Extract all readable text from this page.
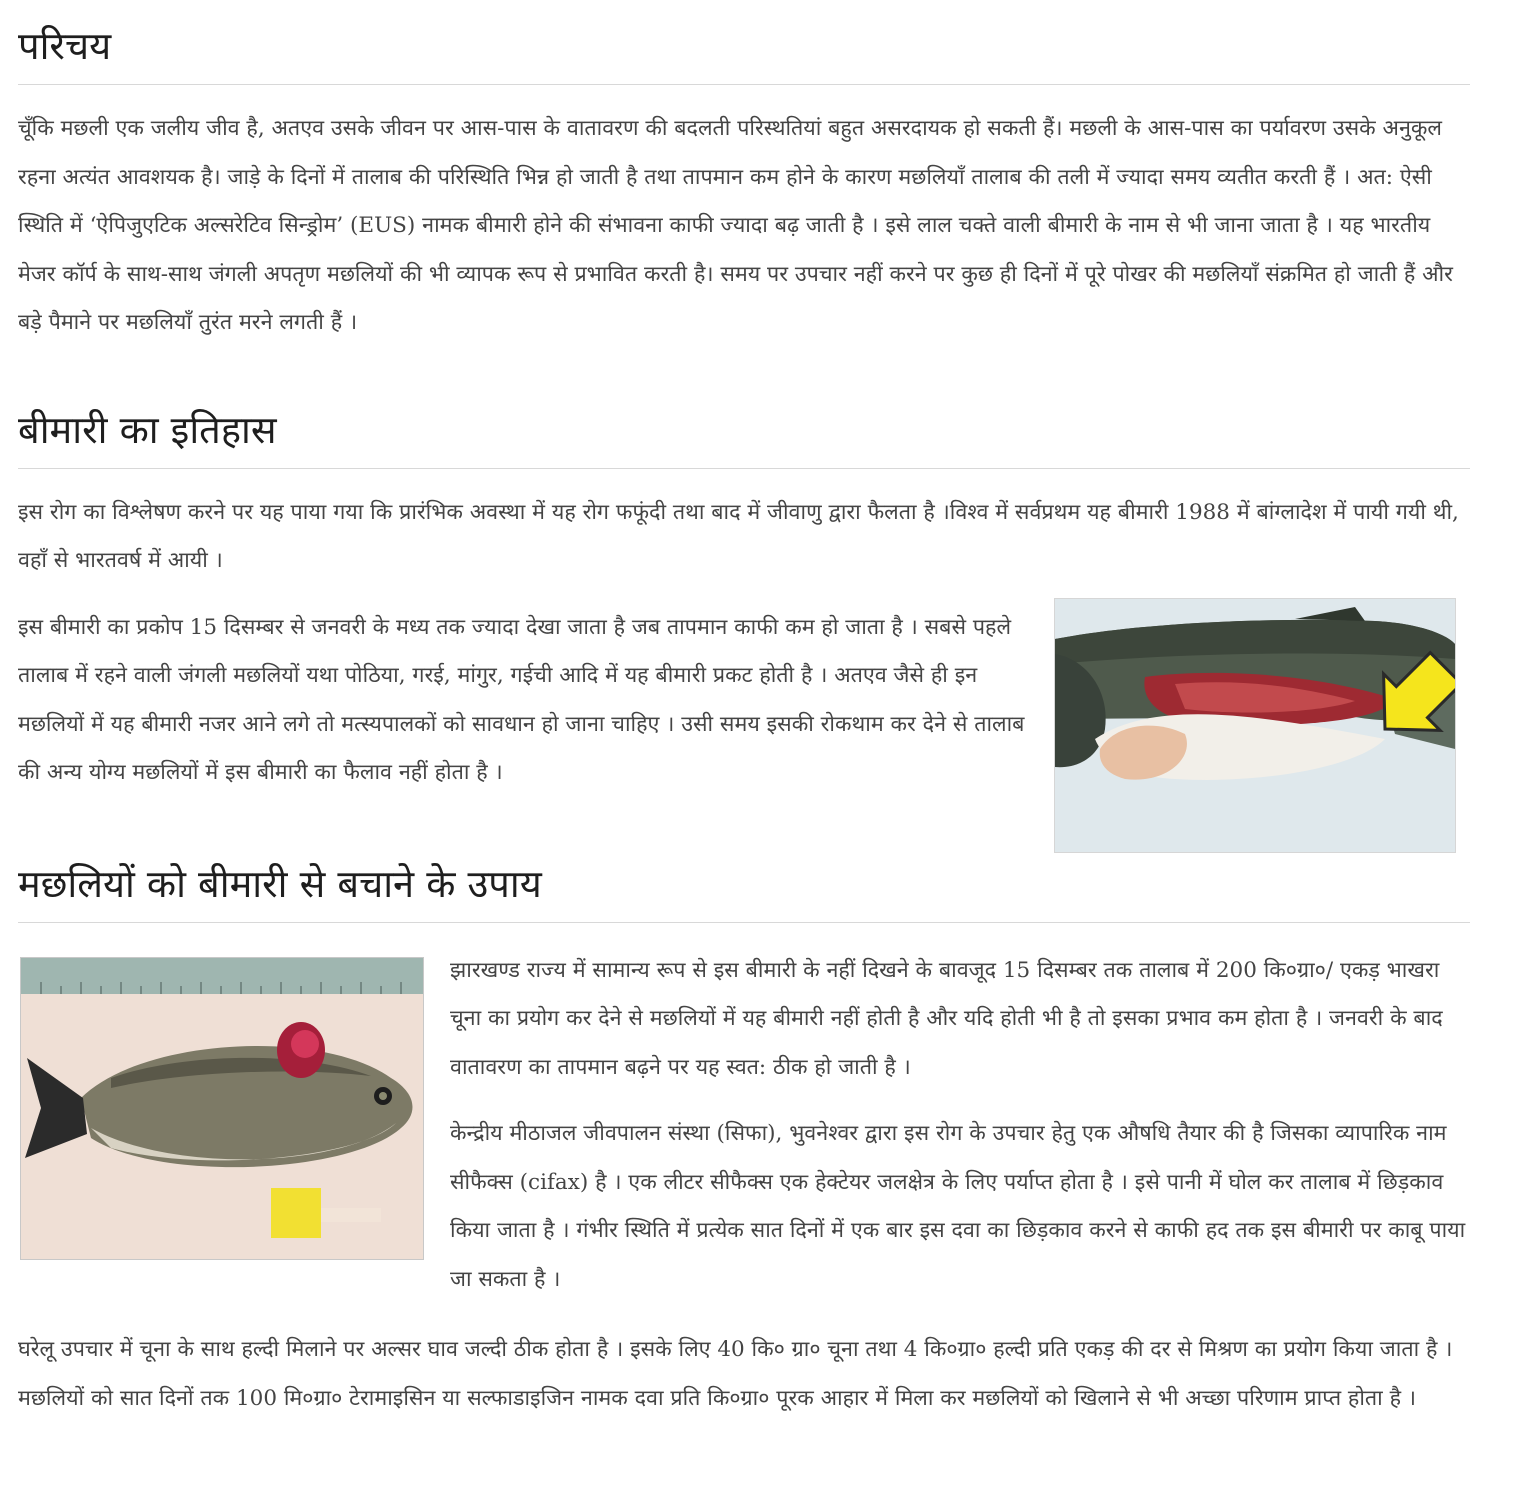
परिचय

चूँकि मछली एक जलीय जीव है, अतएव उसके जीवन पर आस-पास के वातावरण की बदलती परिस्थतियां बहुत असरदायक हो सकती हैं। मछली के आस-पास का पर्यावरण उसके अनुकूल रहना अत्यंत आवशयक है। जाड़े के दिनों में तालाब की परिस्थिति भिन्न हो जाती है तथा तापमान कम होने के कारण मछलियाँ तालाब की तली में ज्यादा समय व्यतीत करती हैं । अत: ऐसी स्थिति में ‘ऐपिजुएटिक अल्सरेटिव सिन्ड्रोम’ (EUS) नामक बीमारी होने की संभावना काफी ज्यादा बढ़ जाती है । इसे लाल चक्ते वाली बीमारी के नाम से भी जाना जाता है । यह भारतीय मेजर कॉर्प के साथ-साथ जंगली अपतृण मछलियों की भी व्यापक रूप से प्रभावित करती है। समय पर उपचार नहीं करने पर कुछ ही दिनों में पूरे पोखर की मछलियाँ संक्रमित हो जाती हैं और बड़े पैमाने पर मछलियाँ तुरंत मरने लगती हैं ।

बीमारी का इतिहास

इस रोग का विश्लेषण करने पर यह पाया गया कि प्रारंभिक अवस्था में यह रोग फफूंदी तथा बाद में जीवाणु द्वारा फैलता है ।विश्व में सर्वप्रथम यह बीमारी 1988 में बांग्लादेश में पायी गयी थी, वहाँ से भारतवर्ष में आयी ।

इस बीमारी का प्रकोप 15 दिसम्बर से जनवरी के मध्य तक ज्यादा देखा जाता है जब तापमान काफी कम हो जाता है । सबसे पहले तालाब में रहने वाली जंगली मछलियों यथा पोठिया, गरई, मांगुर, गईची आदि में यह बीमारी प्रकट होती है । अतएव जैसे ही इन मछलियों में यह बीमारी नजर आने लगे तो मत्स्यपालकों को सावधान हो जाना चाहिए । उसी समय इसकी रोकथाम कर देने से तालाब की अन्य योग्य मछलियों में इस बीमारी का फैलाव नहीं होता है ।

मछलियों को बीमारी से बचाने के उपाय

झारखण्ड राज्य में सामान्य रूप से इस बीमारी के नहीं दिखने के बावजूद 15 दिसम्बर तक तालाब में 200 कि०ग्रा०/ एकड़ भाखरा चूना का प्रयोग कर देने से मछलियों में यह बीमारी नहीं होती है और यदि होती भी है तो इसका प्रभाव कम होता है । जनवरी के बाद वातावरण का तापमान बढ़ने पर यह स्वत: ठीक हो जाती है ।

केन्द्रीय मीठाजल जीवपालन संस्था (सिफा), भुवनेश्वर द्वारा इस रोग के उपचार हेतु एक औषधि तैयार की है जिसका व्यापारिक नाम सीफैक्स (cifax) है । एक लीटर सीफैक्स एक हेक्टेयर जलक्षेत्र के लिए पर्याप्त होता है । इसे पानी में घोल कर तालाब में छिड़काव किया जाता है । गंभीर स्थिति में प्रत्येक सात दिनों में एक बार इस दवा का छिड़काव करने से काफी हद तक इस बीमारी पर काबू पाया जा सकता है ।

घरेलू उपचार में चूना के साथ हल्दी मिलाने पर अल्सर घाव जल्दी ठीक होता है । इसके लिए 40 कि० ग्रा० चूना तथा 4 कि०ग्रा० हल्दी प्रति एकड़ की दर से मिश्रण का प्रयोग किया जाता है । मछलियों को सात दिनों तक 100 मि०ग्रा० टेरामाइसिन या सल्फाडाइजिन नामक दवा प्रति कि०ग्रा० पूरक आहार में मिला कर मछलियों को खिलाने से भी अच्छा परिणाम प्राप्त होता है ।
